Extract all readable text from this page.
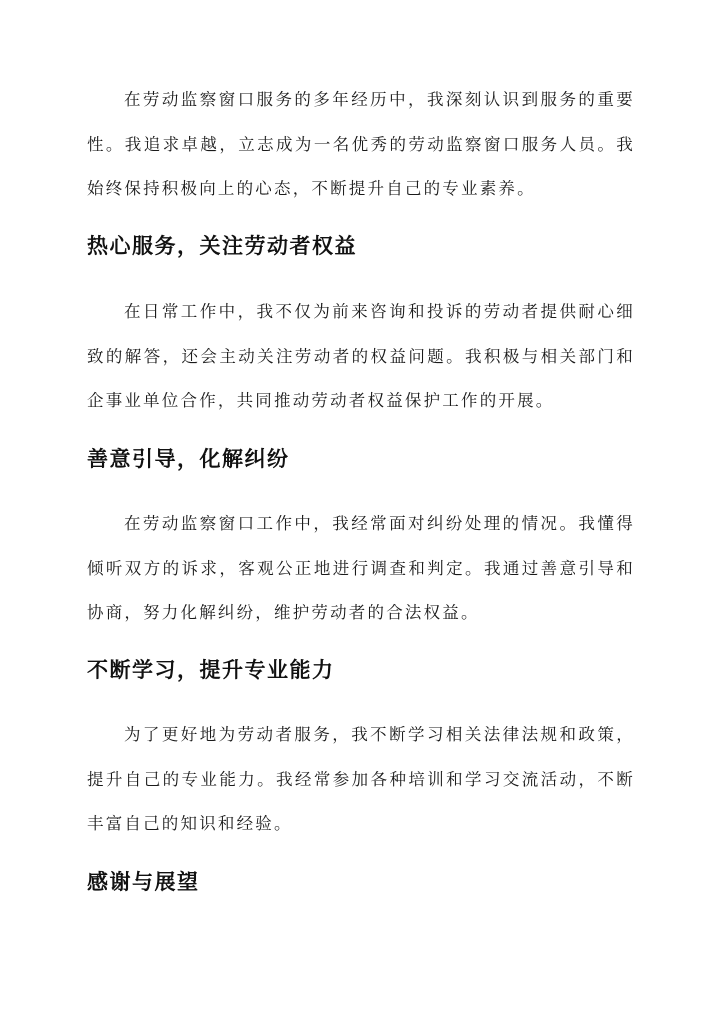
在劳动监察窗口服务的多年经历中，我深刻认识到服务的重要性。我追求卓越，立志成为一名优秀的劳动监察窗口服务人员。我始终保持积极向上的心态，不断提升自己的专业素养。

热心服务，关注劳动者权益

在日常工作中，我不仅为前来咨询和投诉的劳动者提供耐心细致的解答，还会主动关注劳动者的权益问题。我积极与相关部门和企事业单位合作，共同推动劳动者权益保护工作的开展。

善意引导，化解纠纷

在劳动监察窗口工作中，我经常面对纠纷处理的情况。我懂得倾听双方的诉求，客观公正地进行调查和判定。我通过善意引导和协商，努力化解纠纷，维护劳动者的合法权益。

不断学习，提升专业能力

为了更好地为劳动者服务，我不断学习相关法律法规和政策，提升自己的专业能力。我经常参加各种培训和学习交流活动，不断丰富自己的知识和经验。

感谢与展望
